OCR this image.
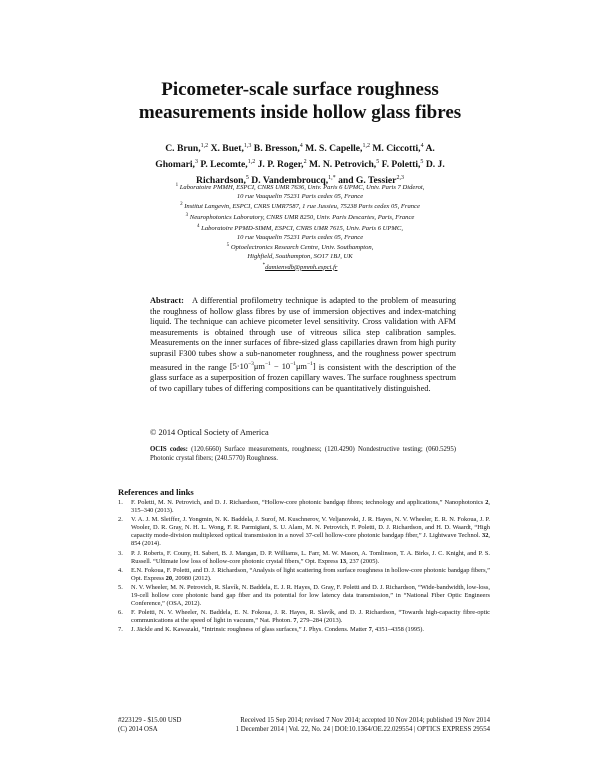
Picometer-scale surface roughness
measurements inside hollow glass fibres
C. Brun,$^{1,2}$ X. Buet,$^{1,3}$ B. Bresson,$^4$ M. S. Capelle,$^{1,2}$ M. Ciccotti,$^4$ A. Ghomari,$^3$ P. Lecomte,$^{1,2}$ J. P. Roger,$^2$ M. N. Petrovich,$^5$ F. Poletti,$^5$ D. J. Richardson,$^5$ D. Vandembroucq,$^{1,*}$ and G. Tessier$^{2,3}$
$^1$ Laboratoire PMMH, ESPCI, CNRS UMR 7636, Univ. Paris 6 UPMC, Univ. Paris 7 Diderot,
10 rue Vauquelin 75231 Paris cedex 05, France
$^2$ Institut Langevin, ESPCI, CNRS UMR7587, 1 rue Jussieu, 75238 Paris cedex 05, France
$^3$ Neurophotonics Laboratory, CNRS UMR 8250, Univ. Paris Descartes, Paris, France
$^4$ Laboratoire PPMD-SIMM, ESPCI, CNRS UMR 7615, Univ. Paris 6 UPMC,
10 rue Vauquelin 75231 Paris cedex 05, France
$^5$ Optoelectronics Research Centre, Univ. Southampton,
Highfield, Southampton, SO17 1BJ, UK
*damienvdb@pmmh.espci.fr
Abstract: A differential profilometry technique is adapted to the problem of measuring the roughness of hollow glass fibres by use of immersion objectives and index-matching liquid. The technique can achieve picometer level sensitivity. Cross validation with AFM measurements is obtained through use of vitreous silica step calibration samples. Measurements on the inner surfaces of fibre-sized glass capillaries drawn from high purity suprasil F300 tubes show a sub-nanometer roughness, and the roughness power spectrum measured in the range $[5\cdot 10^{-3}\mu m^{-1} - 10^{-1}\mu m^{-1}]$ is consistent with the description of the glass surface as a superposition of frozen capillary waves. The surface roughness spectrum of two capillary tubes of differing compositions can be quantitatively distinguished.
© 2014 Optical Society of America
OCIS codes: (120.6660) Surface measurements, roughness; (120.4290) Nondestructive testing; (060.5295) Photonic crystal fibers; (240.5770) Roughness.
References and links
1. F. Poletti, M. N. Petrovich, and D. J. Richardson, “Hollow-core photonic bandgap fibres; technology and applications,” Nanophotonics 2, 315–340 (2013).
2. V. A. J. M. Sleiffer, J. Yongmin, N. K. Baddela, J. Surof, M. Kuschnerov, V. Veljanovski, J. R. Hayes, N. V. Wheeler, E. R. N. Fokoua, J. P. Wooler, D. R. Gray, N. H. L. Wong, F. R. Parmigiani, S. U. Alam, M. N. Petrovich, F. Poletti, D. J. Richardson, and H. D. Waardt, “High capacity mode-division multiplexed optical transmission in a novel 37-cell hollow-core photonic bandgap fiber,” J. Lightwave Technol. 32, 854 (2014).
3. P. J. Roberts, F. Couny, H. Sabert, B. J. Mangan, D. P. Williams, L. Farr, M. W. Mason, A. Tomlinson, T. A. Birks, J. C. Knight, and P. S. Russell. “Ultimate low loss of hollow-core photonic crystal fibers,” Opt. Express 13, 237 (2005).
4. E.N. Fokoua, F. Poletti, and D. J. Richardson, “Analysis of light scattering from surface roughness in hollow-core photonic bandgap fibers,” Opt. Express 20, 20980 (2012).
5. N. V. Wheeler, M. N. Petrovich, R. Slavík, N. Baddela, E. J. R. Hayes, D. Gray, F. Poletti and D. J. Richardson, “Wide-bandwidth, low-loss, 19-cell hollow core photonic band gap fiber and its potential for low latency data transmission,” in “National Fiber Optic Engineers Conference,” (OSA, 2012).
6. F. Poletti, N. V. Wheeler, N. Baddela, E. N. Fokoua, J. R. Hayes, R. Slavík, and D. J. Richardson, “Towards high-capacity fibre-optic communications at the speed of light in vacuum,” Nat. Photon. 7, 279–284 (2013).
7. J. Jäckle and K. Kawazaki, “Intrinsic roughness of glass surfaces,” J. Phys. Condens. Matter 7, 4351–4358 (1995).
#223129 - $15.00 USD	Received 15 Sep 2014; revised 7 Nov 2014; accepted 10 Nov 2014; published 19 Nov 2014
(C) 2014 OSA	1 December 2014 | Vol. 22, No. 24 | DOI:10.1364/OE.22.029554 | OPTICS EXPRESS 29554
